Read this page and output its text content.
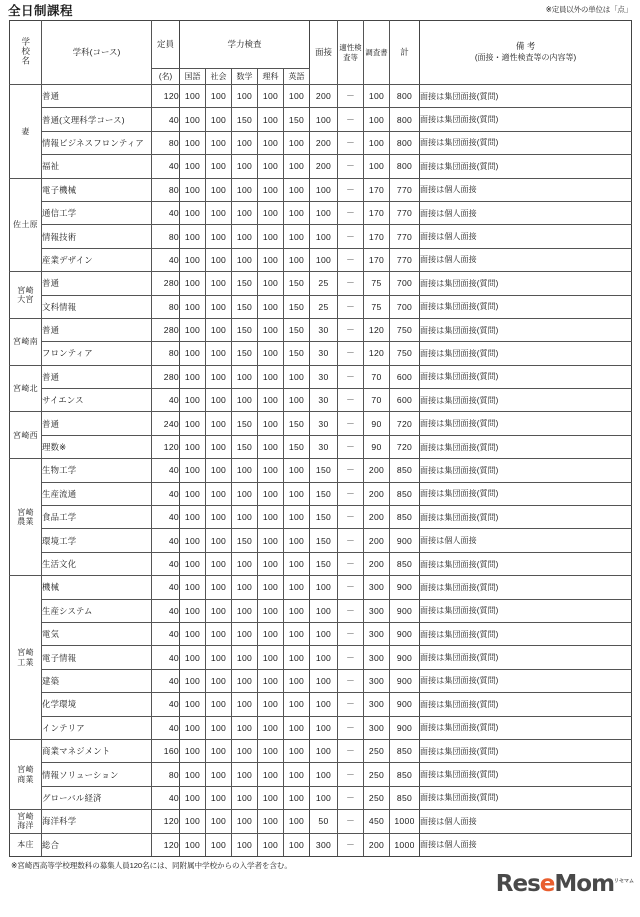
全日制課程	※定員以外の単位は「点」
学校名	学科(コース)	定員	学力検査					面接	適性検査等	調査書	計	備 考
(面接・適性検査等の内容等)
		(名)	国語	社会	数学	理科	英語					
妻	普通	120	100	100	100	100	100	200	－	100	800	面接は集団面接(質問)
	普通(文理科学コース)	40	100	100	150	100	150	100	－	100	800	面接は集団面接(質問)
	情報ビジネスフロンティア	80	100	100	100	100	100	200	－	100	800	面接は集団面接(質問)
	福祉	40	100	100	100	100	100	200	－	100	800	面接は集団面接(質問)
佐土原	電子機械	80	100	100	100	100	100	100	－	170	770	面接は個人面接
	通信工学	40	100	100	100	100	100	100	－	170	770	面接は個人面接
	情報技術	80	100	100	100	100	100	100	－	170	770	面接は個人面接
	産業デザイン	40	100	100	100	100	100	100	－	170	770	面接は個人面接
宮崎
大宮	普通	280	100	100	150	100	150	25	－	75	700	面接は集団面接(質問)
	文科情報	80	100	100	150	100	150	25	－	75	700	面接は集団面接(質問)
宮崎南	普通	280	100	100	150	100	150	30	－	120	750	面接は集団面接(質問)
	フロンティア	80	100	100	150	100	150	30	－	120	750	面接は集団面接(質問)
宮崎北	普通	280	100	100	100	100	100	30	－	70	600	面接は集団面接(質問)
	サイエンス	40	100	100	100	100	100	30	－	70	600	面接は集団面接(質問)
宮崎西	普通	240	100	100	150	100	150	30	－	90	720	面接は集団面接(質問)
	理数※	120	100	100	150	100	150	30	－	90	720	面接は集団面接(質問)
宮崎
農業	生物工学	40	100	100	100	100	100	150	－	200	850	面接は集団面接(質問)
	生産流通	40	100	100	100	100	100	150	－	200	850	面接は集団面接(質問)
	食品工学	40	100	100	100	100	100	150	－	200	850	面接は集団面接(質問)
	環境工学	40	100	100	150	100	100	150	－	200	900	面接は個人面接
	生活文化	40	100	100	100	100	100	150	－	200	850	面接は集団面接(質問)
宮崎
工業	機械	40	100	100	100	100	100	100	－	300	900	面接は集団面接(質問)
	生産システム	40	100	100	100	100	100	100	－	300	900	面接は集団面接(質問)
	電気	40	100	100	100	100	100	100	－	300	900	面接は集団面接(質問)
	電子情報	40	100	100	100	100	100	100	－	300	900	面接は集団面接(質問)
	建築	40	100	100	100	100	100	100	－	300	900	面接は集団面接(質問)
	化学環境	40	100	100	100	100	100	100	－	300	900	面接は集団面接(質問)
	インテリア	40	100	100	100	100	100	100	－	300	900	面接は集団面接(質問)
宮崎
商業	商業マネジメント	160	100	100	100	100	100	100	－	250	850	面接は集団面接(質問)
	情報ソリューション	80	100	100	100	100	100	100	－	250	850	面接は集団面接(質問)
	グローバル経済	40	100	100	100	100	100	100	－	250	850	面接は集団面接(質問)
宮崎
海洋	海洋科学	120	100	100	100	100	100	50	－	450	1000	面接は個人面接
本庄	総合	120	100	100	100	100	100	300	－	200	1000	面接は個人面接
※宮崎西高等学校理数科の募集人員120名には、同附属中学校からの入学者を含む。
ReseMom$^{リセマム}$
